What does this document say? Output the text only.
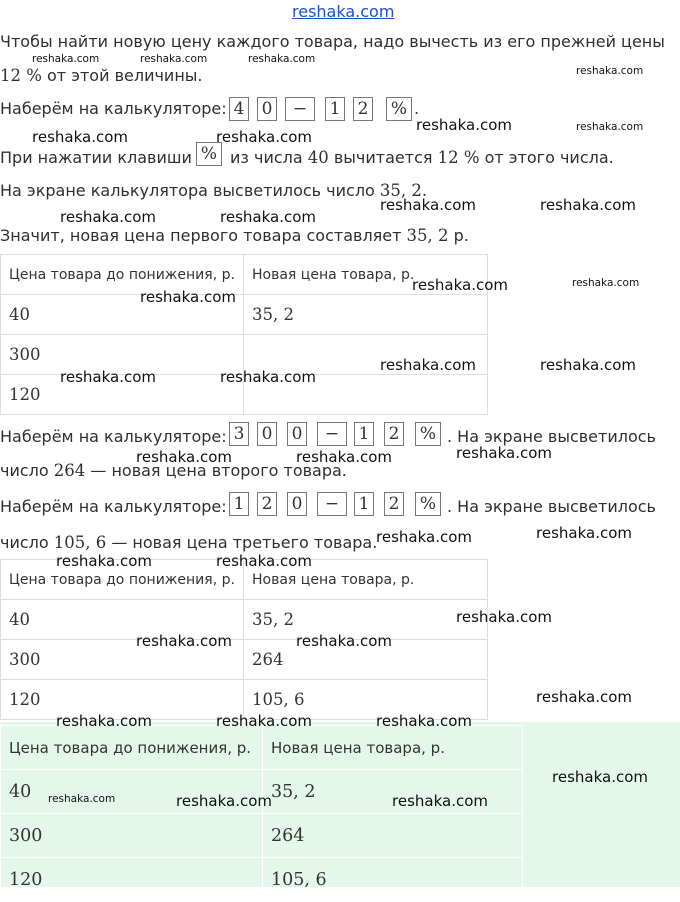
reshaka.com
Чтобы найти новую цену каждого товара, надо вычесть из его прежней цены
12 % от этой величины.
Наберём на калькуляторе: 4 0	−	1 2 % .
При нажатии клавиши % из числа 40 вычитается 12 % от этого числа.
На экране калькулятора высветилось число 35, 2.
Значит, новая цена первого товара составляет 35, 2 р.
Цена товара до понижения, р.	Новая цена товара, р.
40	35, 2
300	
120	
Наберём на калькуляторе: 3 0 0	−	1 2 % . На экране высветилось
число 264 — новая цена второго товара.
Наберём на калькуляторе: 1 2 0	−	1 2 % . На экране высветилось
число 105, 6 — новая цена третьего товара.
Цена товара до понижения, р.	Новая цена товара, р.
40	35, 2
300	264
120	105, 6
Цена товара до понижения, р.	Новая цена товара, р.
40	35, 2
300	264
120	105, 6
reshaka.com	reshaka.com	reshaka.com
reshaka.com
reshaka.com	reshaka.com
reshaka.com	reshaka.com
reshaka.com	reshaka.com
reshaka.com	reshaka.com
reshaka.com
reshaka.com	reshaka.com
reshaka.com	reshaka.com
reshaka.com	reshaka.com
reshaka.com	reshaka.com	reshaka.com
reshaka.com	reshaka.com
reshaka.com	reshaka.com
reshaka.com
reshaka.com	reshaka.com
reshaka.com
reshaka.com	reshaka.com	reshaka.com
reshaka.com
reshaka.com	reshaka.com	reshaka.com
